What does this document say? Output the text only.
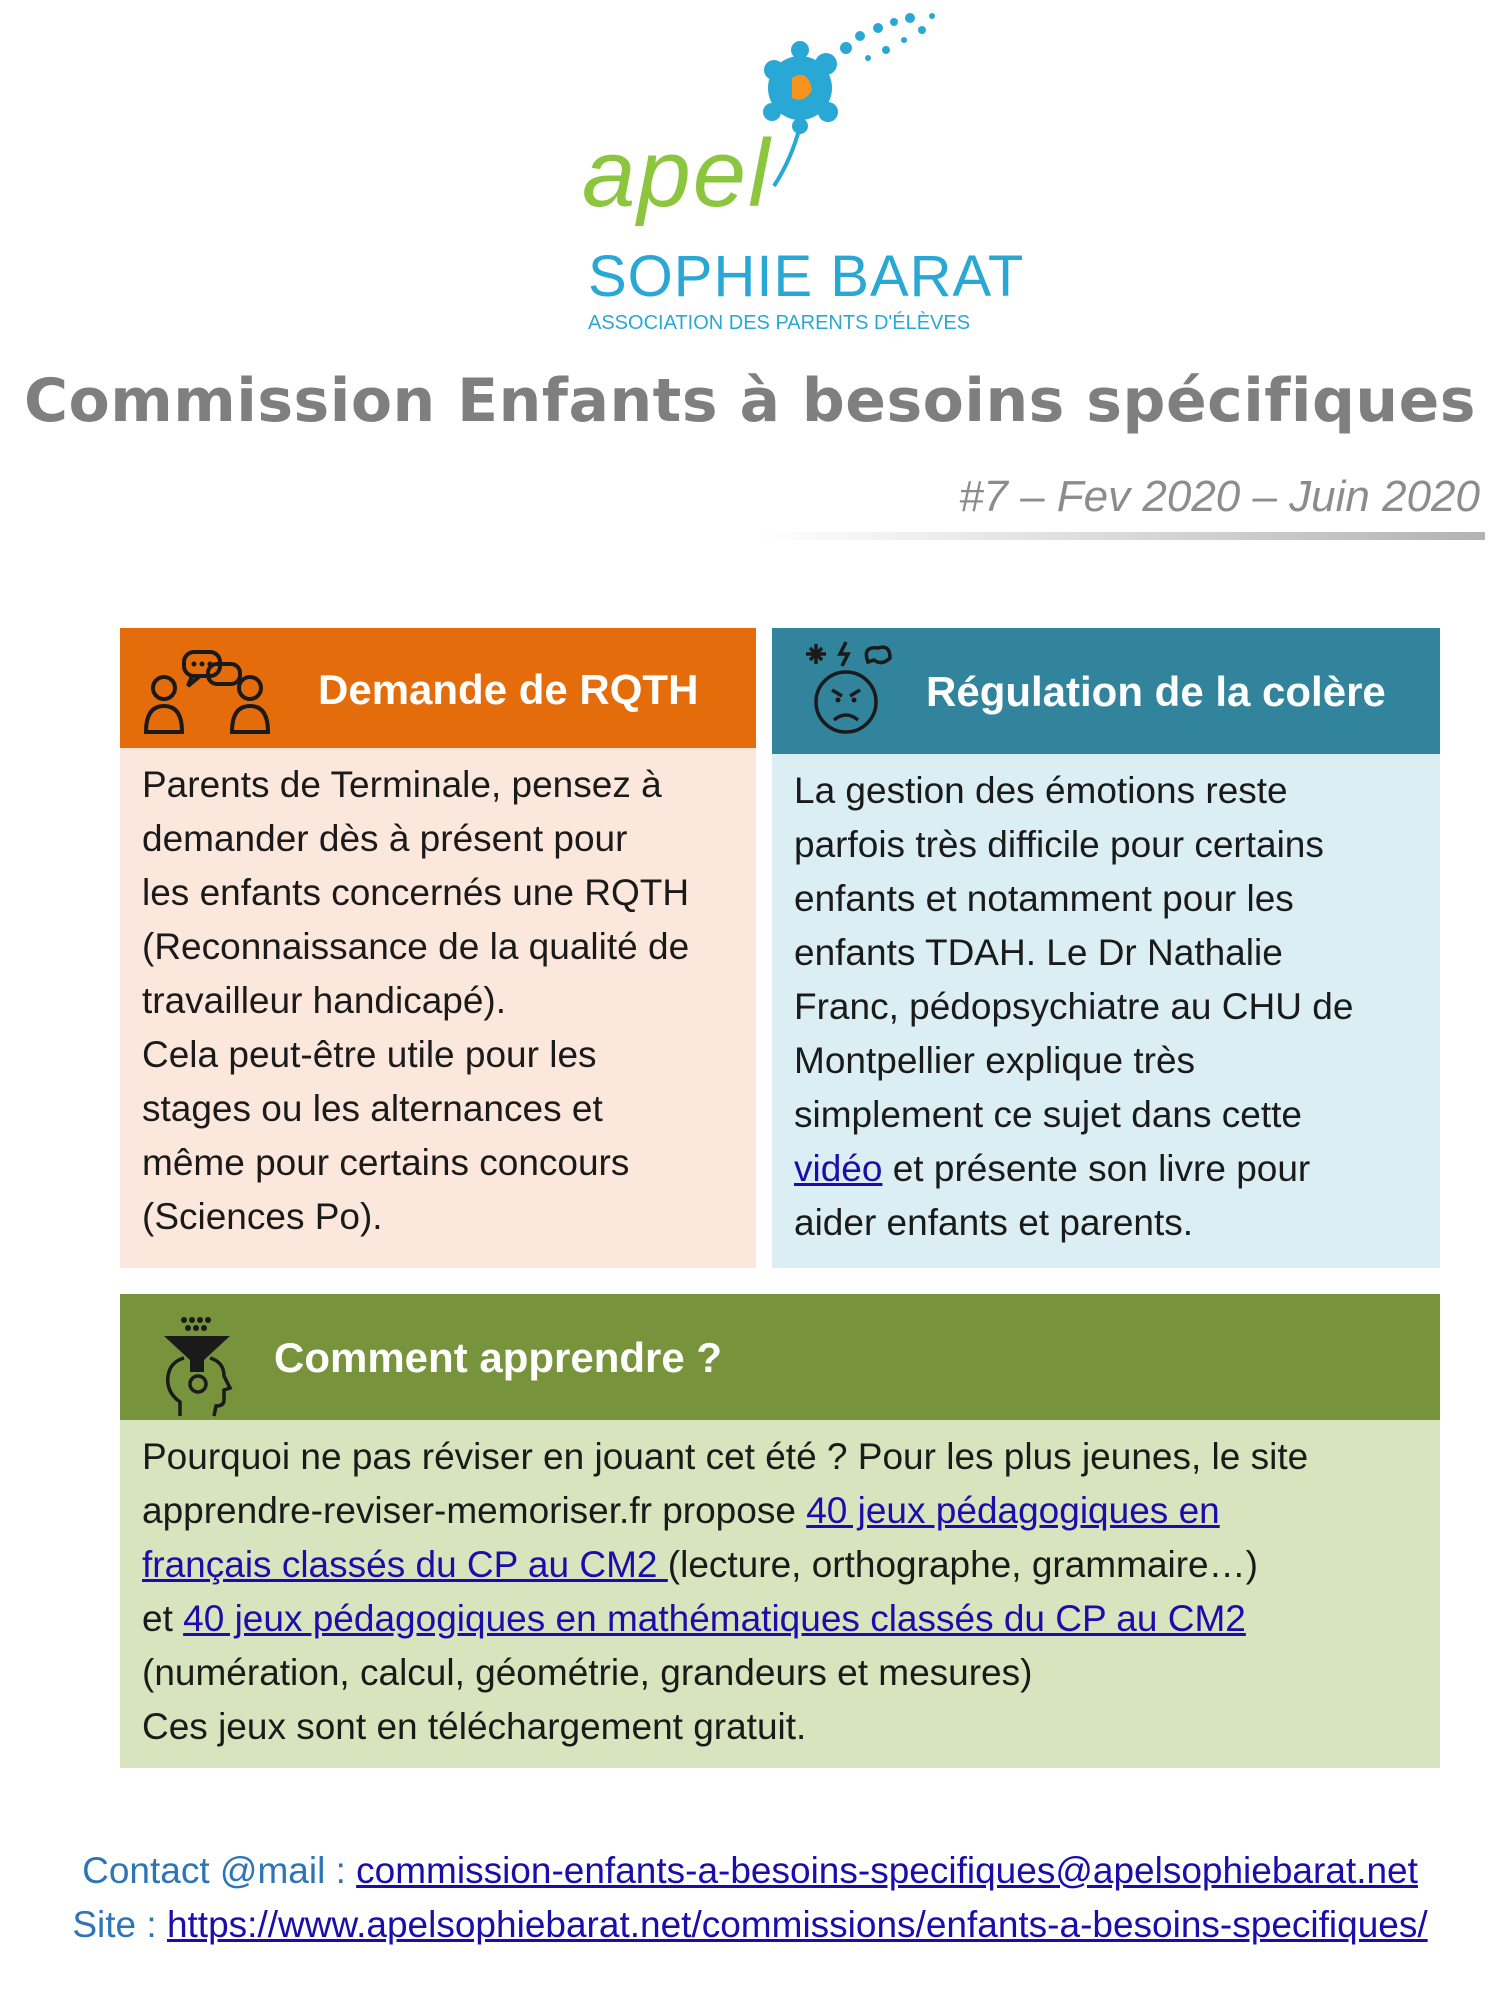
apel
SOPHIE BARAT
ASSOCIATION DES PARENTS D'ÉLÈVES
Commission Enfants à besoins spécifiques
#7 – Fev 2020 – Juin 2020
Demande de RQTH
Parents de Terminale, pensez à
demander dès à présent pour
les enfants concernés une RQTH
(Reconnaissance de la qualité de
travailleur handicapé).
Cela peut-être utile pour les
stages ou les alternances et
même pour certains concours
(Sciences Po).
Régulation de la colère
La gestion des émotions reste
parfois très difficile pour certains
enfants et notamment pour les
enfants TDAH. Le Dr Nathalie
Franc, pédopsychiatre au CHU de
Montpellier explique très
simplement ce sujet dans cette
vidéo et présente son livre pour
aider enfants et parents.
Comment apprendre ?
Pourquoi ne pas réviser en jouant cet été ? Pour les plus jeunes, le site
apprendre-reviser-memoriser.fr propose 40 jeux pédagogiques en
français classés du CP au CM2 (lecture, orthographe, grammaire…)
et 40 jeux pédagogiques en mathématiques classés du CP au CM2
(numération, calcul, géométrie, grandeurs et mesures)
Ces jeux sont en téléchargement gratuit.
Contact @mail : commission-enfants-a-besoins-specifiques@apelsophiebarat.net
Site : https://www.apelsophiebarat.net/commissions/enfants-a-besoins-specifiques/
